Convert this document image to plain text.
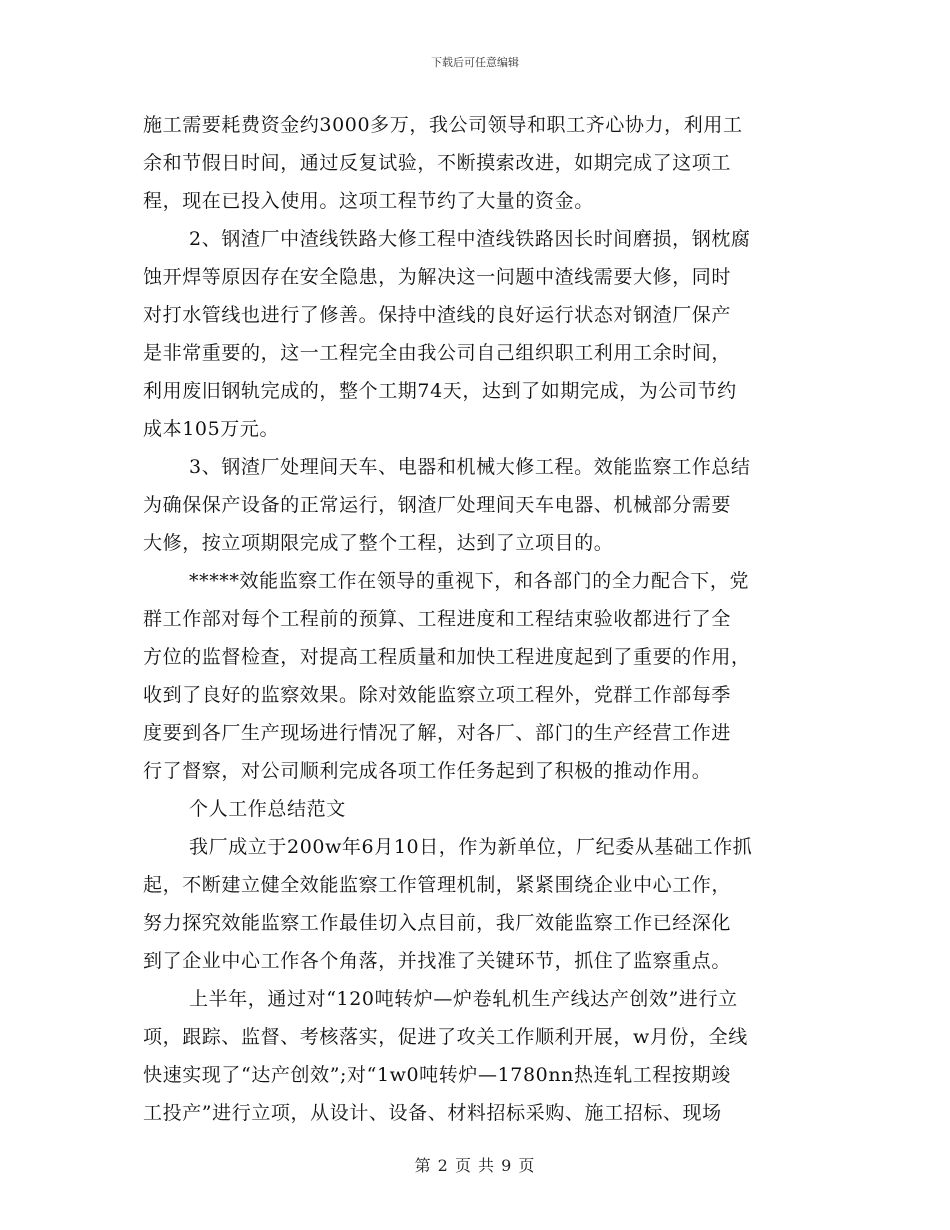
下载后可任意编辑
施工需要耗费资金约3000多万，我公司领导和职工齐心协力，利用工
余和节假日时间，通过反复试验，不断摸索改进，如期完成了这项工
程，现在已投入使用。这项工程节约了大量的资金。
2、钢渣厂中渣线铁路大修工程中渣线铁路因长时间磨损，钢枕腐
蚀开焊等原因存在安全隐患，为解决这一问题中渣线需要大修，同时
对打水管线也进行了修善。保持中渣线的良好运行状态对钢渣厂保产
是非常重要的，这一工程完全由我公司自己组织职工利用工余时间，
利用废旧钢轨完成的，整个工期74天，达到了如期完成，为公司节约
成本105万元。
3、钢渣厂处理间天车、电器和机械大修工程。效能监察工作总结
为确保保产设备的正常运行，钢渣厂处理间天车电器、机械部分需要
大修，按立项期限完成了整个工程，达到了立项目的。
*****效能监察工作在领导的重视下，和各部门的全力配合下，党
群工作部对每个工程前的预算、工程进度和工程结束验收都进行了全
方位的监督检查，对提高工程质量和加快工程进度起到了重要的作用，
收到了良好的监察效果。除对效能监察立项工程外，党群工作部每季
度要到各厂生产现场进行情况了解，对各厂、部门的生产经营工作进
行了督察，对公司顺利完成各项工作任务起到了积极的推动作用。
个人工作总结范文
我厂成立于200w年6月10日，作为新单位，厂纪委从基础工作抓
起，不断建立健全效能监察工作管理机制，紧紧围绕企业中心工作，
努力探究效能监察工作最佳切入点目前，我厂效能监察工作已经深化
到了企业中心工作各个角落，并找准了关键环节，抓住了监察重点。
上半年，通过对“120吨转炉—炉卷轧机生产线达产创效”进行立
项，跟踪、监督、考核落实，促进了攻关工作顺利开展，w月份，全线
快速实现了“达产创效”;对“1w0吨转炉—1780nn热连轧工程按期竣
工投产”进行立项，从设计、设备、材料招标采购、施工招标、现场
第 2 页 共 9 页
